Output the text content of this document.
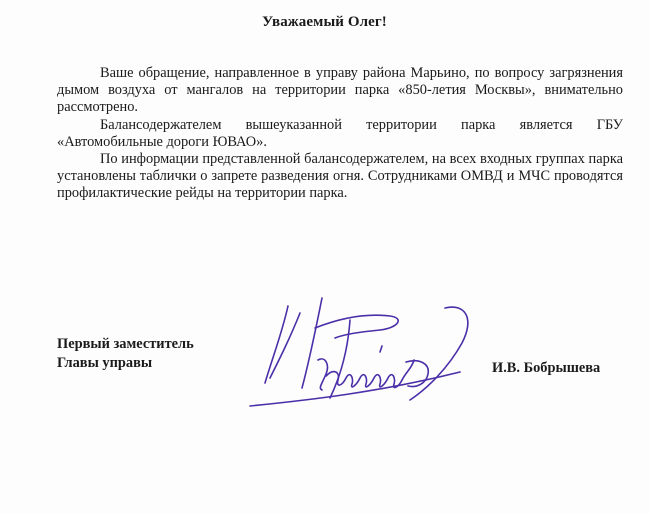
Уважаемый Олег!

Ваше обращение, направленное в управу района Марьино, по вопросу загрязнения дымом воздуха от мангалов на территории парка «850-летия Москвы», внимательно рассмотрено.

Балансодержателем вышеуказанной территории парка является ГБУ «Автомобильные дороги ЮВАО».

По информации представленной балансодержателем, на всех входных группах парка установлены таблички о запрете разведения огня. Сотрудниками ОМВД и МЧС проводятся профилактические рейды на территории парка.

Первый заместитель
Главы управы	И.В. Бобрышева
